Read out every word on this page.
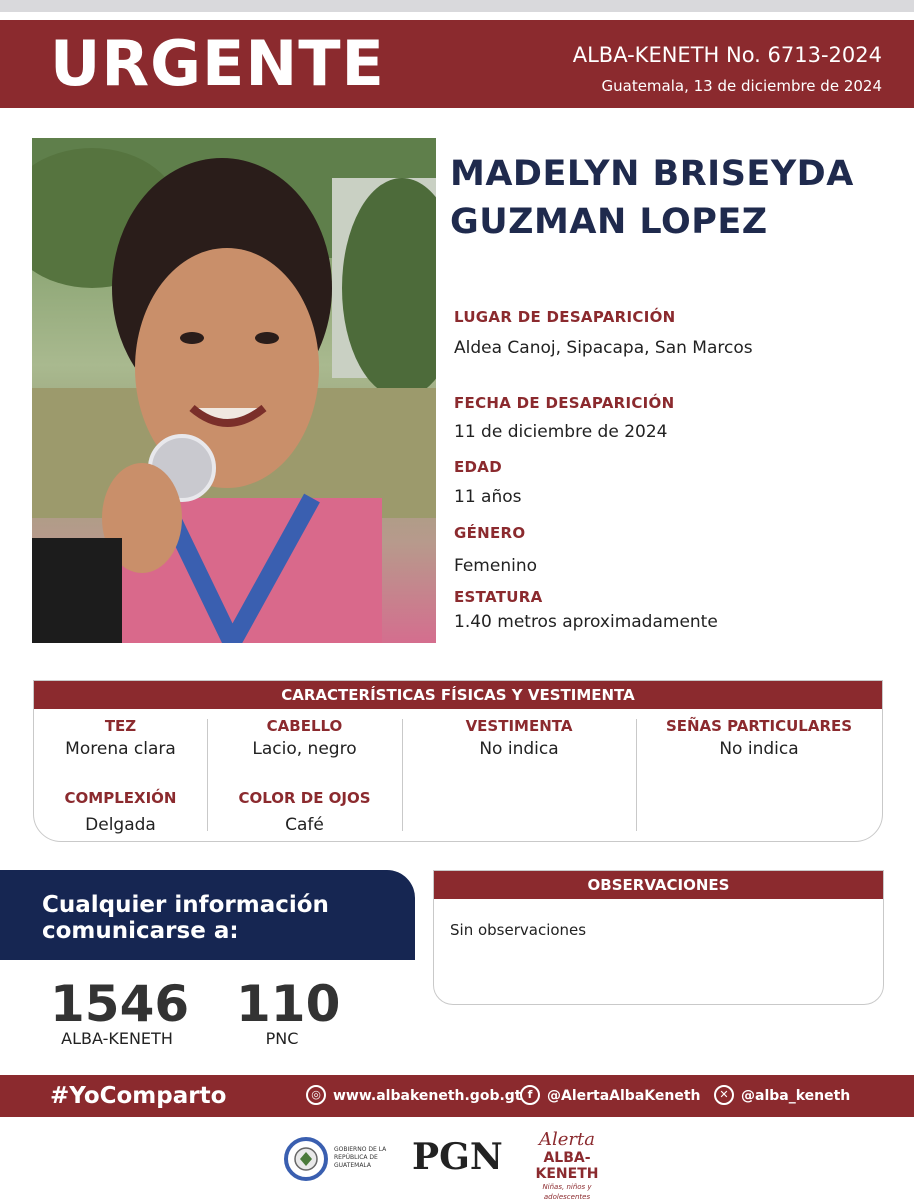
URGENTE	ALBA-KENETH No. 6713-2024
Guatemala, 13 de diciembre de 2024
MADELYN BRISEYDA
GUZMAN LOPEZ
LUGAR DE DESAPARICIÓN
Aldea Canoj, Sipacapa, San Marcos
FECHA DE DESAPARICIÓN
11 de diciembre de 2024
EDAD
11 años
GÉNERO
Femenino
ESTATURA
1.40 metros aproximadamente
CARACTERÍSTICAS FÍSICAS Y VESTIMENTA
TEZ
Morena clara
CABELLO
Lacio, negro
VESTIMENTA
No indica
SEÑAS PARTICULARES
No indica
COMPLEXIÓN
Delgada
COLOR DE OJOS
Café
Cualquier información
comunicarse a:
1546
ALBA-KENETH
110
PNC
OBSERVACIONES
Sin observaciones
#YoComparto	◎ www.albakeneth.gob.gt f	@AlertaAlbaKeneth	✕ @alba_keneth
GOBIERNO DE LA REPÚBLICA DE GUATEMALA	PGN	Alerta
ALBA-KENETH
Niñas, niños y adolescentes
